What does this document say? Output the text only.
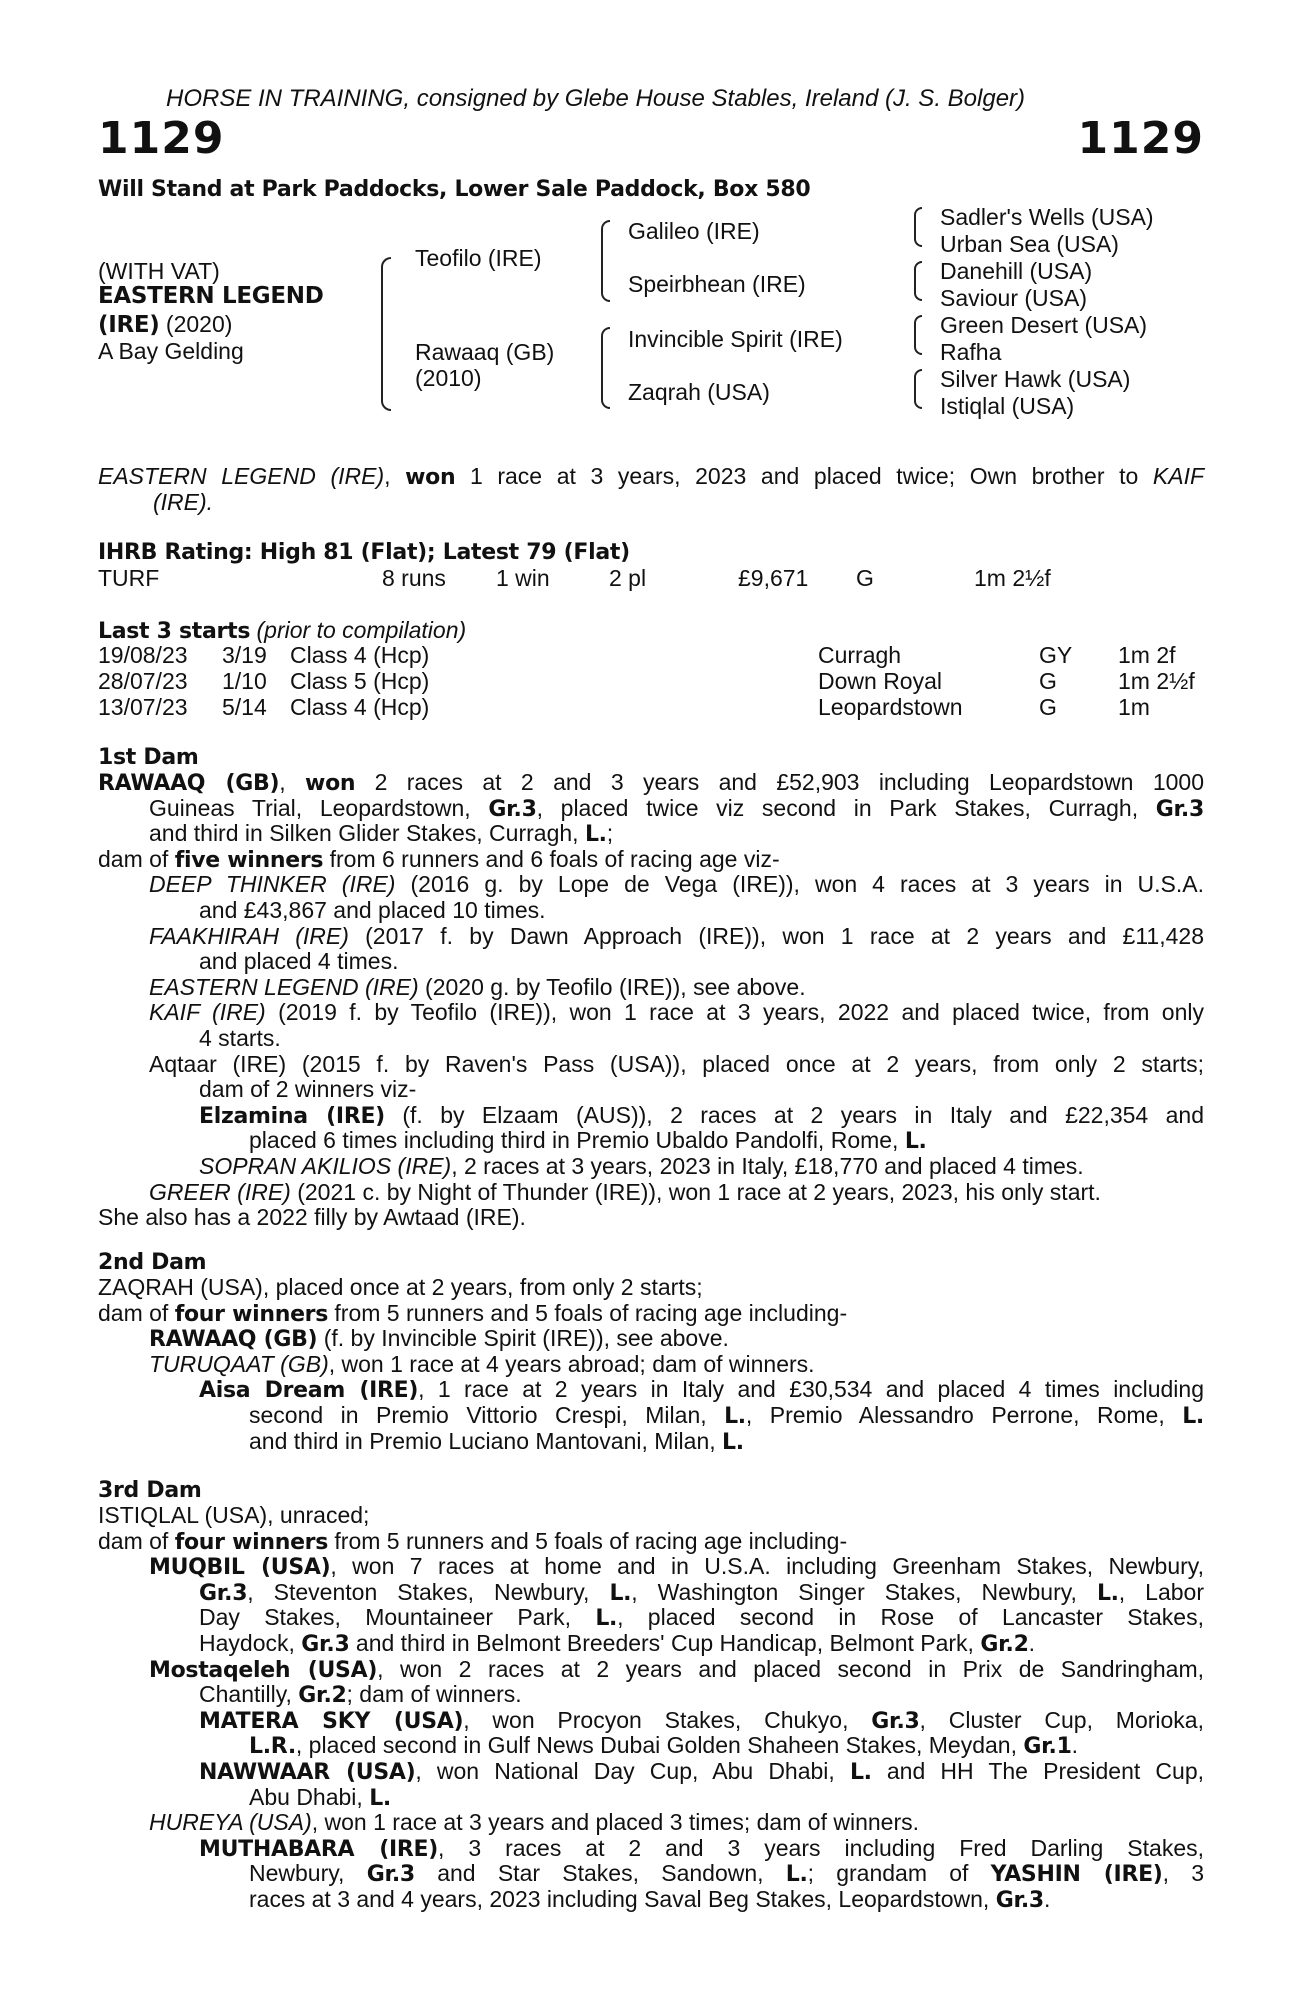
HORSE IN TRAINING, consigned by Glebe House Stables, Ireland (J. S. Bolger)
1129	1129
Will Stand at Park Paddocks, Lower Sale Paddock, Box 580
(WITH VAT)
EASTERN LEGEND
(IRE) (2020)
A Bay Gelding
Teofilo (IRE)
Rawaaq (GB)
(2010)
Galileo (IRE)
Speirbhean (IRE)
Invincible Spirit (IRE)
Zaqrah (USA)
Sadler's Wells (USA)
Urban Sea (USA)
Danehill (USA)
Saviour (USA)
Green Desert (USA)
Rafha
Silver Hawk (USA)
Istiqlal (USA)
EASTERN LEGEND (IRE), won 1 race at 3 years, 2023 and placed twice; Own brother to KAIF
(IRE).
IHRB Rating: High 81 (Flat); Latest 79 (Flat)
TURF	8 runs 1 win	2 pl	£9,671 G	1m 2½f
Last 3 starts (prior to compilation)
19/08/23 3/19 Class 4 (Hcp)	Curragh	GY 1m 2f
28/07/23 1/10 Class 5 (Hcp)	Down Royal	G	1m 2½f
13/07/23 5/14 Class 4 (Hcp)	Leopardstown	G	1m
1st Dam
RAWAAQ (GB), won 2 races at 2 and 3 years and £52,903 including Leopardstown 1000
Guineas Trial, Leopardstown, Gr.3, placed twice viz second in Park Stakes, Curragh, Gr.3
and third in Silken Glider Stakes, Curragh, L.;
dam of five winners from 6 runners and 6 foals of racing age viz-
DEEP THINKER (IRE) (2016 g. by Lope de Vega (IRE)), won 4 races at 3 years in U.S.A.
and £43,867 and placed 10 times.
FAAKHIRAH (IRE) (2017 f. by Dawn Approach (IRE)), won 1 race at 2 years and £11,428
and placed 4 times.
EASTERN LEGEND (IRE) (2020 g. by Teofilo (IRE)), see above.
KAIF (IRE) (2019 f. by Teofilo (IRE)), won 1 race at 3 years, 2022 and placed twice, from only
4 starts.
Aqtaar (IRE) (2015 f. by Raven's Pass (USA)), placed once at 2 years, from only 2 starts;
dam of 2 winners viz-
Elzamina (IRE) (f. by Elzaam (AUS)), 2 races at 2 years in Italy and £22,354 and
placed 6 times including third in Premio Ubaldo Pandolfi, Rome, L.
SOPRAN AKILIOS (IRE), 2 races at 3 years, 2023 in Italy, £18,770 and placed 4 times.
GREER (IRE) (2021 c. by Night of Thunder (IRE)), won 1 race at 2 years, 2023, his only start.
She also has a 2022 filly by Awtaad (IRE).
2nd Dam
ZAQRAH (USA), placed once at 2 years, from only 2 starts;
dam of four winners from 5 runners and 5 foals of racing age including-
RAWAAQ (GB) (f. by Invincible Spirit (IRE)), see above.
TURUQAAT (GB), won 1 race at 4 years abroad; dam of winners.
Aisa Dream (IRE), 1 race at 2 years in Italy and £30,534 and placed 4 times including
second in Premio Vittorio Crespi, Milan, L., Premio Alessandro Perrone, Rome, L.
and third in Premio Luciano Mantovani, Milan, L.
3rd Dam
ISTIQLAL (USA), unraced;
dam of four winners from 5 runners and 5 foals of racing age including-
MUQBIL (USA), won 7 races at home and in U.S.A. including Greenham Stakes, Newbury,
Gr.3, Steventon Stakes, Newbury, L., Washington Singer Stakes, Newbury, L., Labor
Day Stakes, Mountaineer Park, L., placed second in Rose of Lancaster Stakes,
Haydock, Gr.3 and third in Belmont Breeders' Cup Handicap, Belmont Park, Gr.2.
Mostaqeleh (USA), won 2 races at 2 years and placed second in Prix de Sandringham,
Chantilly, Gr.2; dam of winners.
MATERA SKY (USA), won Procyon Stakes, Chukyo, Gr.3, Cluster Cup, Morioka,
L.R., placed second in Gulf News Dubai Golden Shaheen Stakes, Meydan, Gr.1.
NAWWAAR (USA), won National Day Cup, Abu Dhabi, L. and HH The President Cup,
Abu Dhabi, L.
HUREYA (USA), won 1 race at 3 years and placed 3 times; dam of winners.
MUTHABARA (IRE), 3 races at 2 and 3 years including Fred Darling Stakes,
Newbury, Gr.3 and Star Stakes, Sandown, L.; grandam of YASHIN (IRE), 3
races at 3 and 4 years, 2023 including Saval Beg Stakes, Leopardstown, Gr.3.
